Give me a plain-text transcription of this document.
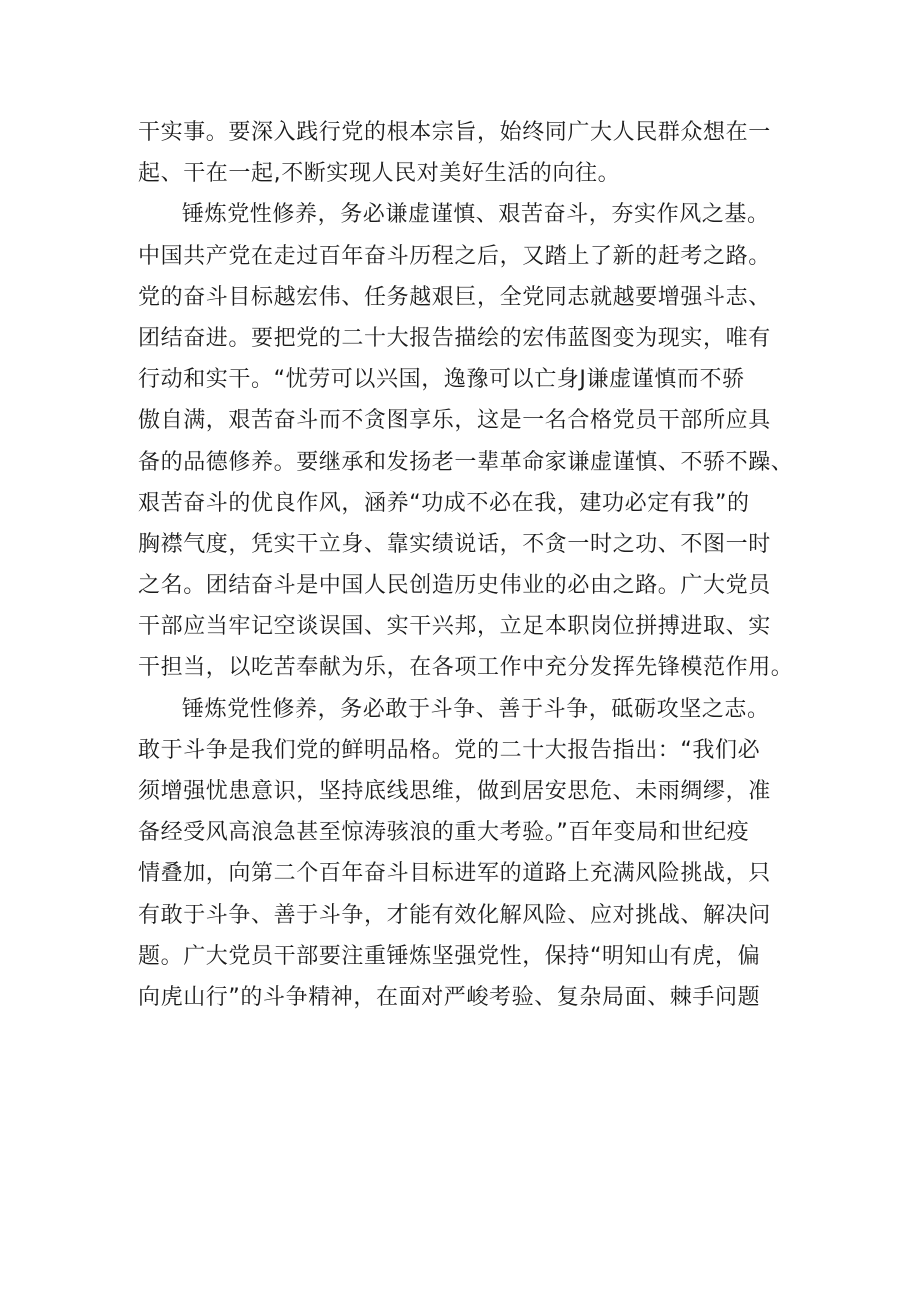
干实事。要深入践行党的根本宗旨，始终同广大人民群众想在一
起、干在一起,不断实现人民对美好生活的向往。
锤炼党性修养，务必谦虚谨慎、艰苦奋斗，夯实作风之基。
中国共产党在走过百年奋斗历程之后，又踏上了新的赶考之路。
党的奋斗目标越宏伟、任务越艰巨，全党同志就越要增强斗志、
团结奋进。要把党的二十大报告描绘的宏伟蓝图变为现实，唯有
行动和实干。“忧劳可以兴国，逸豫可以亡身J谦虚谨慎而不骄
傲自满，艰苦奋斗而不贪图享乐，这是一名合格党员干部所应具
备的品德修养。要继承和发扬老一辈革命家谦虚谨慎、不骄不躁、
艰苦奋斗的优良作风，涵养“功成不必在我，建功必定有我”的
胸襟气度，凭实干立身、靠实绩说话，不贪一时之功、不图一时
之名。团结奋斗是中国人民创造历史伟业的必由之路。广大党员
干部应当牢记空谈误国、实干兴邦，立足本职岗位拼搏进取、实
干担当，以吃苦奉献为乐，在各项工作中充分发挥先锋模范作用。
锤炼党性修养，务必敢于斗争、善于斗争，砥砺攻坚之志。
敢于斗争是我们党的鲜明品格。党的二十大报告指出：“我们必
须增强忧患意识，坚持底线思维，做到居安思危、未雨绸缪，准
备经受风高浪急甚至惊涛骇浪的重大考验。”百年变局和世纪疫
情叠加，向第二个百年奋斗目标进军的道路上充满风险挑战，只
有敢于斗争、善于斗争，才能有效化解风险、应对挑战、解决问
题。广大党员干部要注重锤炼坚强党性，保持“明知山有虎，偏
向虎山行”的斗争精神，在面对严峻考验、复杂局面、棘手问题
